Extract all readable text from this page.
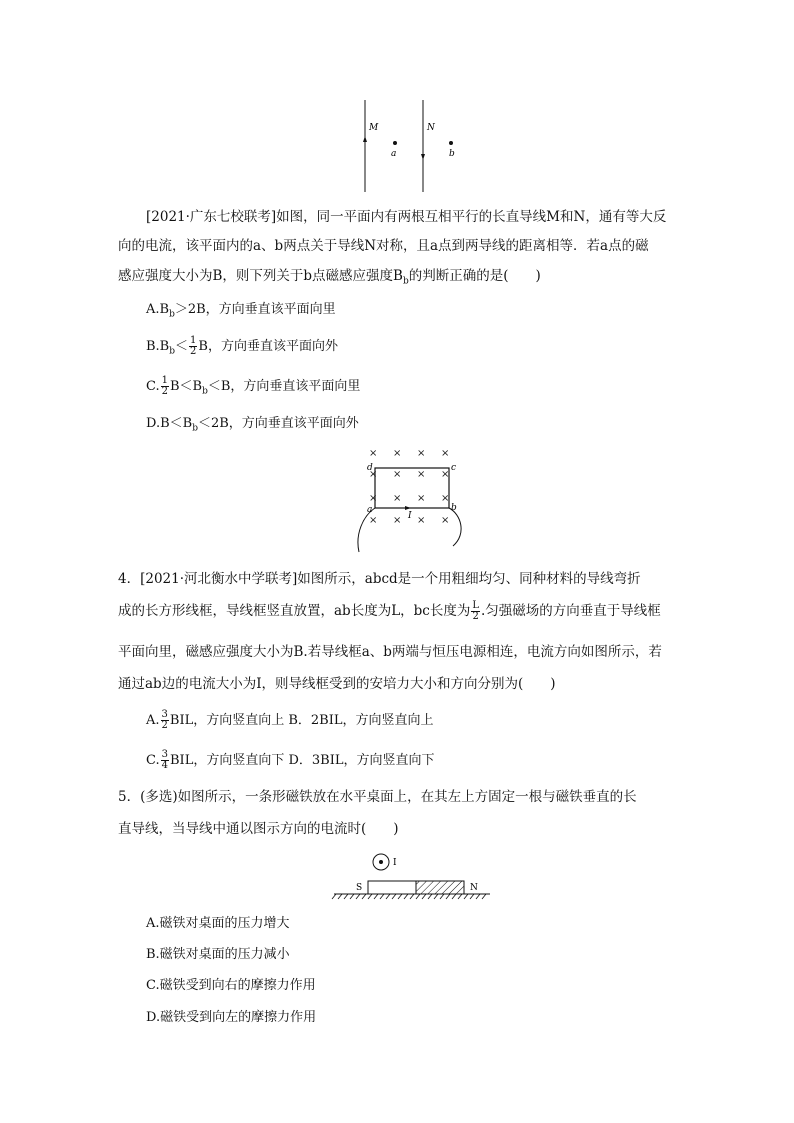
M	N
a	b
[2021·广东七校联考]如图，同一平面内有两根互相平行的长直导线M和N，通有等大反
向的电流，该平面内的a、b两点关于导线N对称，且a点到两导线的距离相等．若a点的磁
感应强度大小为B，则下列关于b点磁感应强度$B_b$的判断正确的是(　　)
$A.B_b>2B$，方向垂直该平面向里
$B.B_b< \frac{1}{2}$ B，方向垂直该平面向外
C. $\frac{1}{2} B<B_b<B$，方向垂直该平面向里
$D.B<B_b<2B$，方向垂直该平面向外
× × × ×
× × × ×
× × × ×
× × × ×
d	c
a	b
I
4．[2021·河北衡水中学联考]如图所示，abcd是一个用粗细均匀、同种材料的导线弯折
成的长方形线框，导线框竖直放置，ab长度为L，bc长度为 $\frac{L}{2}$ .匀强磁场的方向垂直于导线框
平面向里，磁感应强度大小为B.若导线框a、b两端与恒压电源相连，电流方向如图所示，若
通过ab边的电流大小为I，则导线框受到的安培力大小和方向分别为(　　)
A. $\frac{3}{2}$ BIL，方向竖直向上 B．2BIL，方向竖直向上
C. $\frac{3}{4}$ BIL，方向竖直向下 D．3BIL，方向竖直向下
5．(多选)如图所示，一条形磁铁放在水平桌面上，在其左上方固定一根与磁铁垂直的长
直导线，当导线中通以图示方向的电流时(　　)
I
S	N
A.磁铁对桌面的压力增大
B.磁铁对桌面的压力减小
C.磁铁受到向右的摩擦力作用
D.磁铁受到向左的摩擦力作用
